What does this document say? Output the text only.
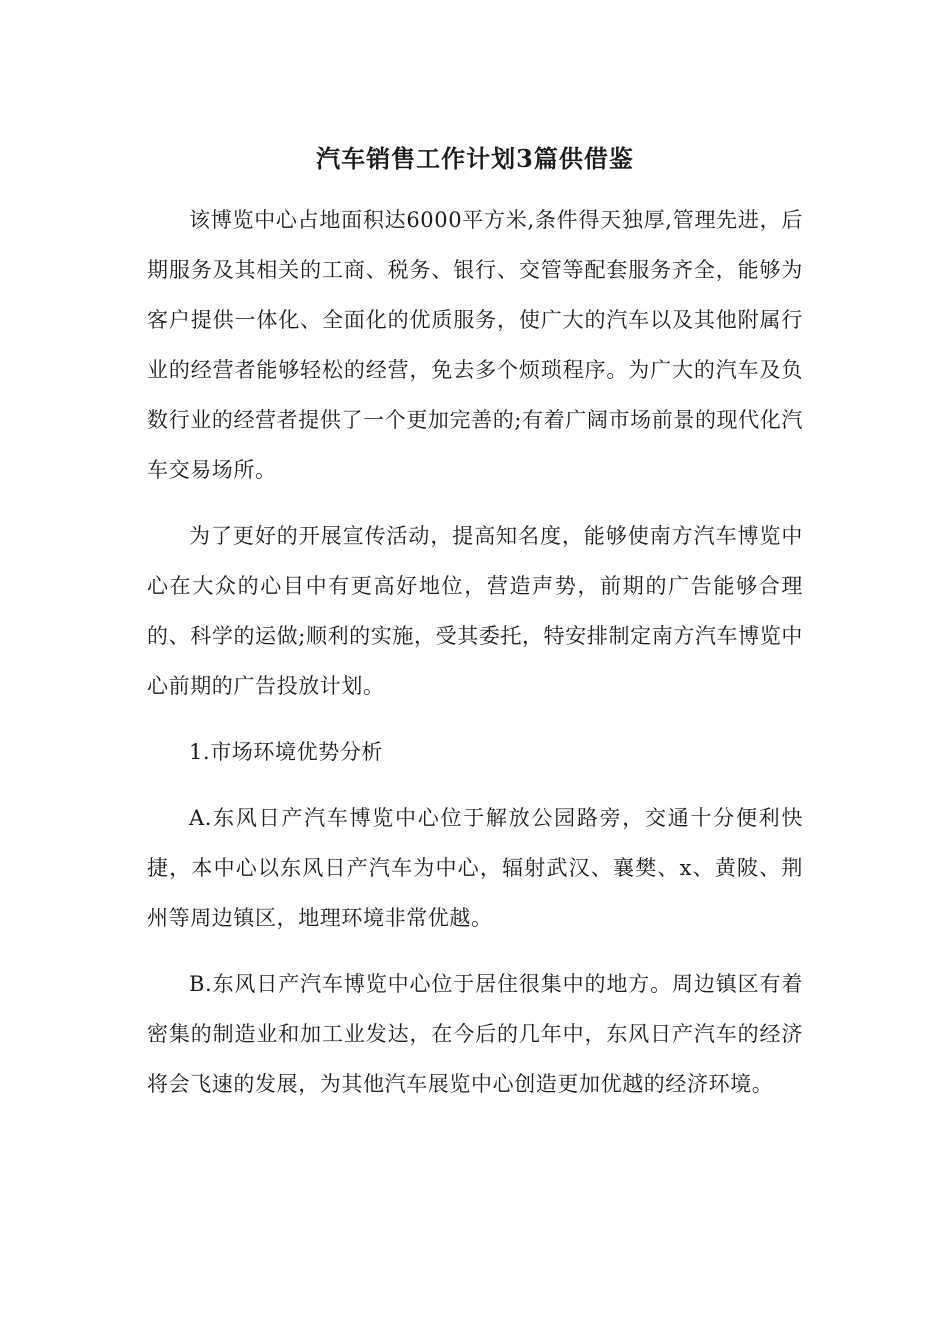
汽车销售工作计划3篇供借鉴

该博览中心占地面积达6000平方米,条件得天独厚,管理先进，后期服务及其相关的工商、税务、银行、交管等配套服务齐全，能够为客户提供一体化、全面化的优质服务，使广大的汽车以及其他附属行业的经营者能够轻松的经营，免去多个烦琐程序。为广大的汽车及负数行业的经营者提供了一个更加完善的;有着广阔市场前景的现代化汽车交易场所。

为了更好的开展宣传活动，提高知名度，能够使南方汽车博览中心在大众的心目中有更高好地位，营造声势，前期的广告能够合理的、科学的运做;顺利的实施，受其委托，特安排制定南方汽车博览中心前期的广告投放计划。

1.市场环境优势分析

A.东风日产汽车博览中心位于解放公园路旁，交通十分便利快捷，本中心以东风日产汽车为中心，辐射武汉、襄樊、x、黄陂、荆州等周边镇区，地理环境非常优越。

B.东风日产汽车博览中心位于居住很集中的地方。周边镇区有着密集的制造业和加工业发达，在今后的几年中，东风日产汽车的经济将会飞速的发展，为其他汽车展览中心创造更加优越的经济环境。
